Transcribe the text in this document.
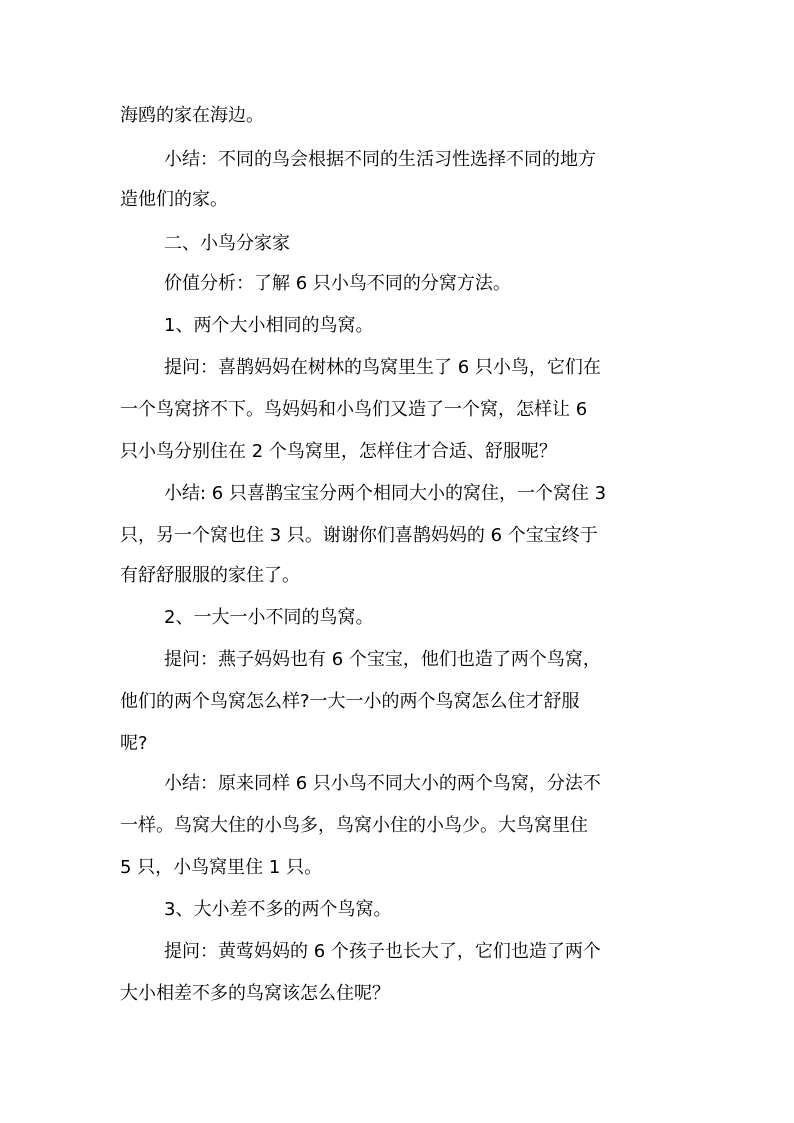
海鸥的家在海边。
小结：不同的鸟会根据不同的生活习性选择不同的地方
造他们的家。
二、小鸟分家家
价值分析：了解 6 只小鸟不同的分窝方法。
1、两个大小相同的鸟窝。
提问：喜鹊妈妈在树林的鸟窝里生了 6 只小鸟，它们在
一个鸟窝挤不下。鸟妈妈和小鸟们又造了一个窝，怎样让 6
只小鸟分别住在 2 个鸟窝里，怎样住才合适、舒服呢？
小结: 6 只喜鹊宝宝分两个相同大小的窝住，一个窝住 3
只，另一个窝也住 3 只。谢谢你们喜鹊妈妈的 6 个宝宝终于
有舒舒服服的家住了。
2、一大一小不同的鸟窝。
提问：燕子妈妈也有 6 个宝宝，他们也造了两个鸟窝，
他们的两个鸟窝怎么样?一大一小的两个鸟窝怎么住才舒服
呢?
小结：原来同样 6 只小鸟不同大小的两个鸟窝，分法不
一样。鸟窝大住的小鸟多，鸟窝小住的小鸟少。大鸟窝里住
5 只，小鸟窝里住 1 只。
3、大小差不多的两个鸟窝。
提问：黄莺妈妈的 6 个孩子也长大了，它们也造了两个
大小相差不多的鸟窝该怎么住呢？
